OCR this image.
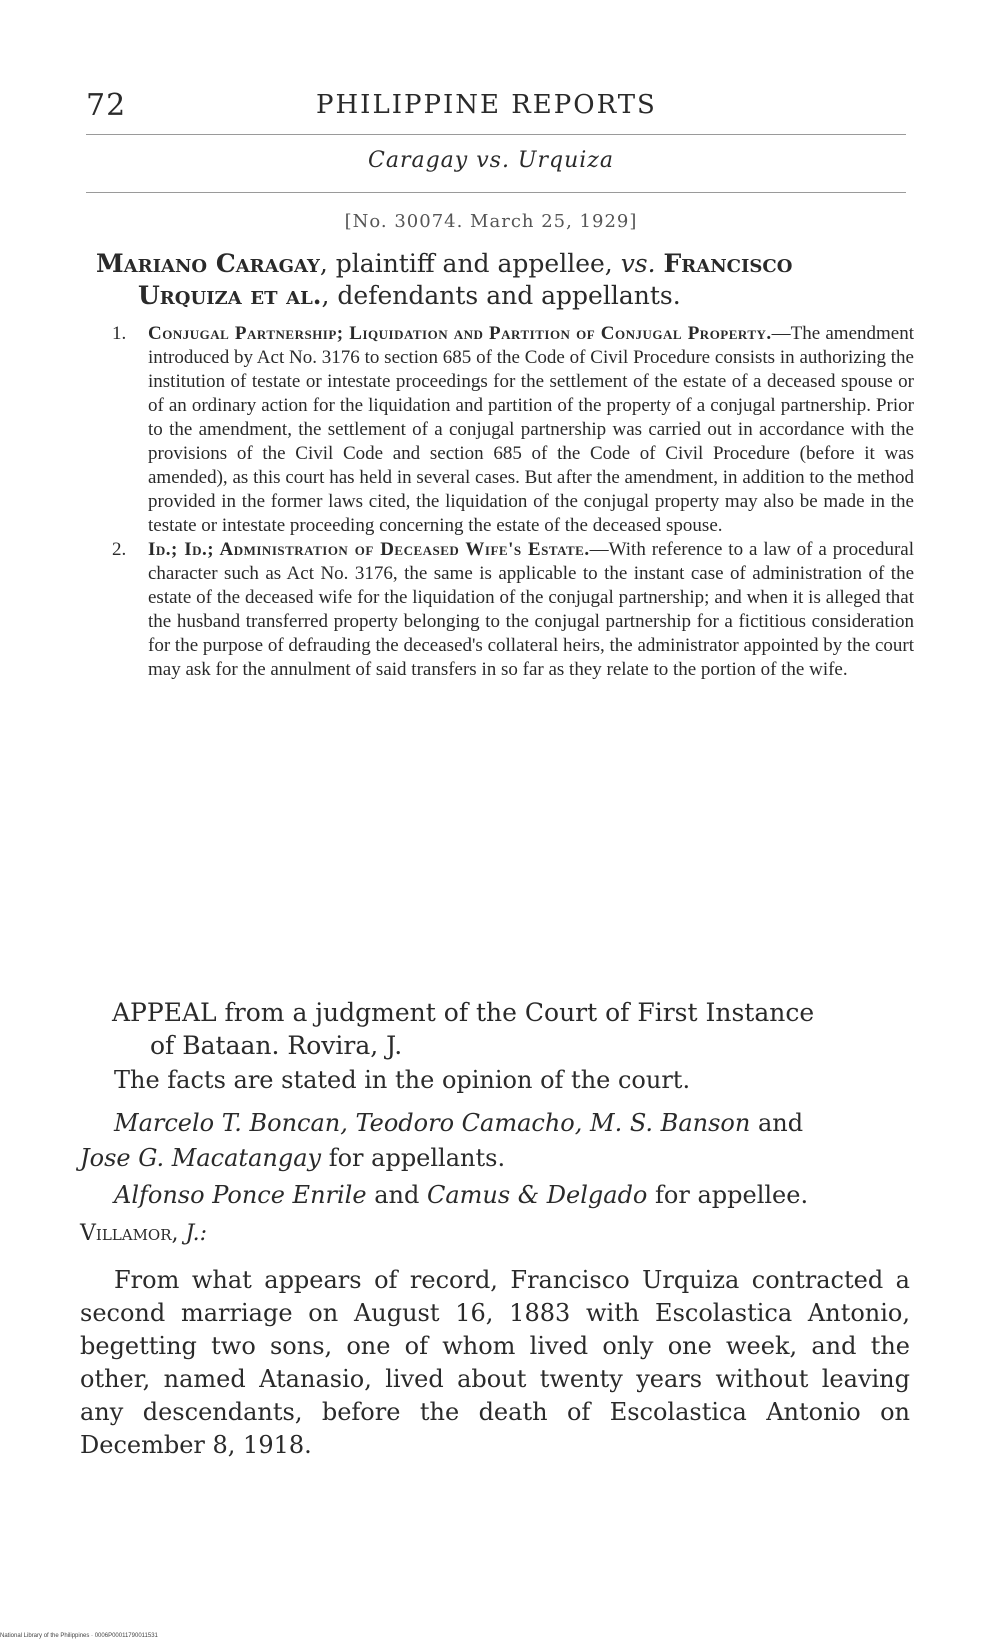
72	PHILIPPINE REPORTS
Caragay vs. Urquiza
[No. 30074. March 25, 1929]
Mariano Caragay, plaintiff and appellee, vs. Francisco
Urquiza et al., defendants and appellants.

1. Conjugal Partnership; Liquidation and Partition of Conjugal Property.—The amendment introduced by Act No. 3176 to section 685 of the Code of Civil Procedure consists in authorizing the institution of testate or intestate proceedings for the settlement of the estate of a deceased spouse or of an ordinary action for the liquidation and partition of the property of a conjugal partnership. Prior to the amendment, the settlement of a conjugal partnership was carried out in accordance with the provisions of the Civil Code and section 685 of the Code of Civil Procedure (before it was amended), as this court has held in several cases. But after the amendment, in addition to the method provided in the former laws cited, the liquidation of the conjugal property may also be made in the testate or intestate proceeding concerning the estate of the deceased spouse.

2. Id.; Id.; Administration of Deceased Wife's Estate.—With reference to a law of a procedural character such as Act No. 3176, the same is applicable to the instant case of administration of the estate of the deceased wife for the liquidation of the conjugal partnership; and when it is alleged that the husband transferred property belonging to the conjugal partnership for a fictitious consideration for the purpose of defrauding the deceased's collateral heirs, the administrator appointed by the court may ask for the annulment of said transfers in so far as they relate to the portion of the wife.

APPEAL from a judgment of the Court of First Instance
of Bataan. Rovira, J.
The facts are stated in the opinion of the court.
Marcelo T. Boncan, Teodoro Camacho, M. S. Banson and
Jose G. Macatangay for appellants.
Alfonso Ponce Enrile and Camus & Delgado for appellee.
Villamor, J.:
From what appears of record, Francisco Urquiza contracted a second marriage on August 16, 1883 with Escolastica Antonio, begetting two sons, one of whom lived only one week, and the other, named Atanasio, lived about twenty years without leaving any descendants, before the death of Escolastica Antonio on December 8, 1918.
National Library of the Philippines · 0006P00011790011531
